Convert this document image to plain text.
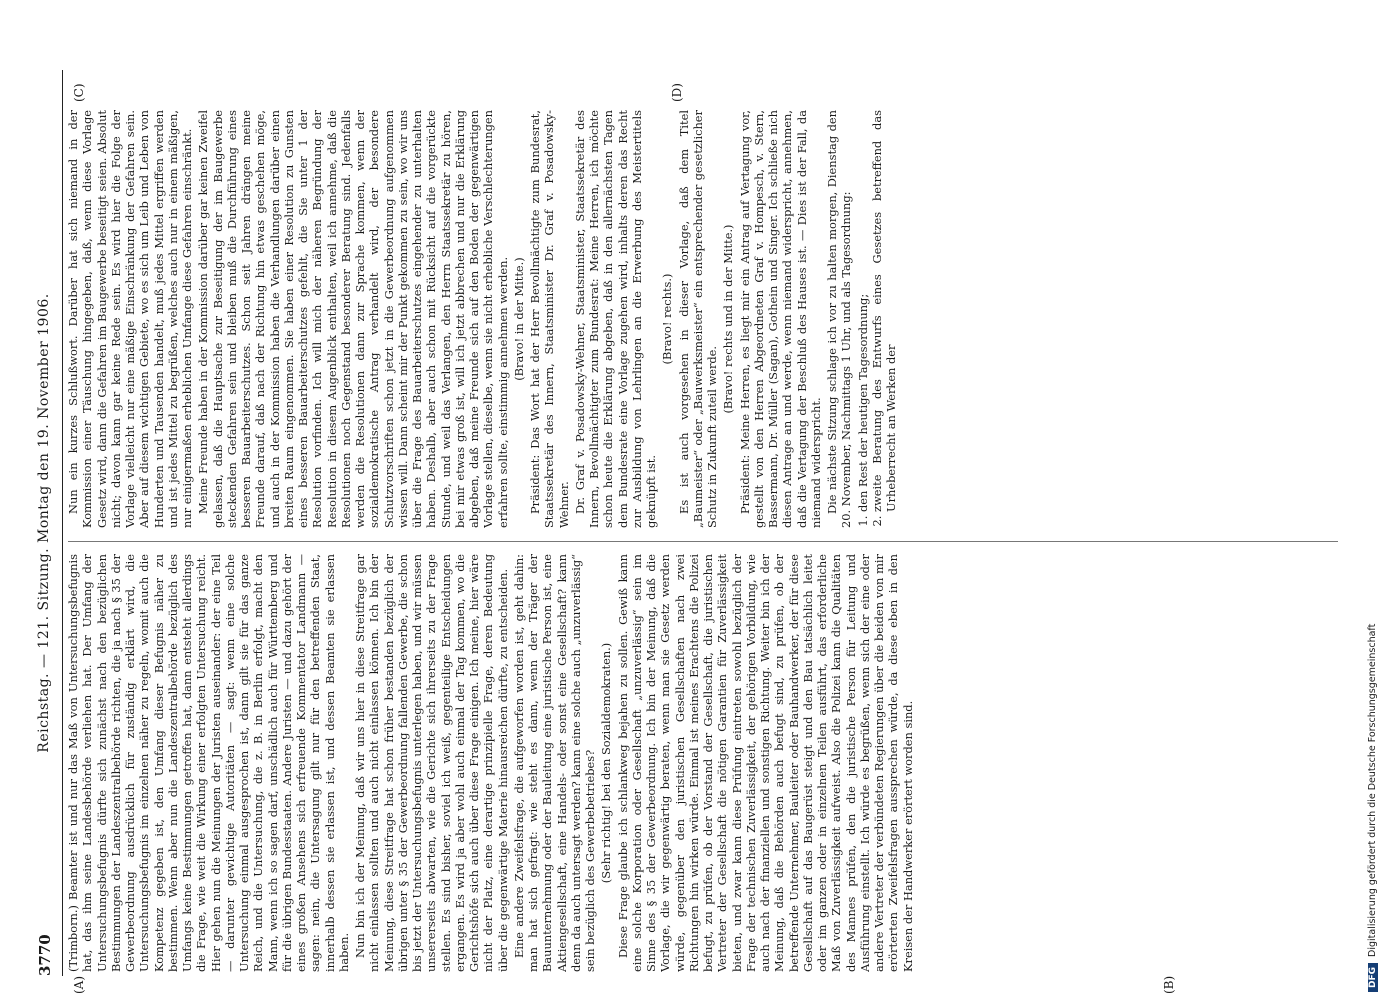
3770
Reichstag. — 121. Sitzung. Montag den 19. November 1906.
(A)	(B)
(C)	(D)

(Trimborn.) Beamter ist und nur das Maß von Untersuchungsbefugnis hat, das ihm seine Landesbehörde verliehen hat. Der Umfang der Untersuchungsbefugnis dürfte sich zunächst nach den bezüglichen Bestimmungen der Landeszentralbehörde richten, die ja nach § 35 der Gewerbeordnung ausdrücklich für zuständig erklärt wird, die Untersuchungsbefugnis im einzelnen näher zu regeln, womit auch die Kompetenz gegeben ist, den Umfang dieser Befugnis näher zu bestimmen. Wenn aber nun die Landeszentralbehörde bezüglich des Umfangs keine Bestimmungen getroffen hat, dann entsteht allerdings die Frage, wie weit die Wirkung einer erfolgten Untersuchung reicht. Hier gehen nun die Meinungen der Juristen auseinander: der eine Teil — darunter gewichtige Autoritäten — sagt: wenn eine solche Untersuchung einmal ausgesprochen ist, dann gilt sie für das ganze Reich, und die Untersuchung, die z. B. in Berlin erfolgt, macht den Mann, wenn ich so sagen darf, unschädlich auch für Württemberg und für die übrigen Bundesstaaten. Andere Juristen — und dazu gehört der eines großen Ansehens sich erfreuende Kommentator Landmann — sagen: nein, die Untersagung gilt nur für den betreffenden Staat, innerhalb dessen sie erlassen ist, und dessen Beamten sie erlassen haben. Nun bin ich der Meinung, daß wir uns hier in diese Streitfrage gar nicht einlassen sollten und auch nicht einlassen können. Ich bin der Meinung, diese Streitfrage hat schon früher bestanden bezüglich der übrigen unter § 35 der Gewerbeordnung fallenden Gewerbe, die schon bis jetzt der Untersuchungsbefugnis unterlegen haben, und wir müssen unsererseits abwarten, wie die Gerichte sich ihrerseits zu der Frage stellen. Es sind bisher, soviel ich weiß, gegenteilige Entscheidungen ergangen. Es wird ja aber wohl auch einmal der Tag kommen, wo die Gerichtshöfe sich auch über diese Frage einigen. Ich meine, hier wäre nicht der Platz, eine derartige prinzipielle Frage, deren Bedeutung über die gegenwärtige Materie hinausreichen dürfte, zu entscheiden. Eine andere Zweifelsfrage, die aufgeworfen worden ist, geht dahin: man hat sich gefragt: wie steht es dann, wenn der Träger der Bauunternehmung oder der Bauleitung eine juristische Person ist, eine Aktiengesellschaft, eine Handels- oder sonst eine Gesellschaft? kann denn da auch untersagt werden? kann eine solche auch „unzuverlässig“ sein bezüglich des Gewerbebetriebes? (Sehr richtig! bei den Sozialdemokraten.) Diese Frage glaube ich schlankweg bejahen zu sollen. Gewiß kann eine solche Korporation oder Gesellschaft „unzuverlässig“ sein im Sinne des § 35 der Gewerbeordnung. Ich bin der Meinung, daß die Vorlage, die wir gegenwärtig beraten, wenn man sie Gesetz werden würde, gegenüber den juristischen Gesellschaften nach zwei Richtungen hin wirken würde. Einmal ist meines Erachtens die Polizei befugt, zu prüfen, ob der Vorstand der Gesellschaft, die juristischen Vertreter der Gesellschaft die nötigen Garantien für Zuverlässigkeit bieten, und zwar kann diese Prüfung eintreten sowohl bezüglich der Frage der technischen Zuverlässigkeit, der gehörigen Vorbildung, wie auch nach der finanziellen und sonstigen Richtung. Weiter bin ich der Meinung, daß die Behörden auch befugt sind, zu prüfen, ob der betreffende Unternehmer, Bauleiter oder Bauhandwerker, der für diese Gesellschaft auf das Baugerüst steigt und den Bau tatsächlich leitet oder im ganzen oder in einzelnen Teilen ausführt, das erforderliche Maß von Zuverlässigkeit aufweist. Also die Polizei kann die Qualitäten des Mannes prüfen, den die juristische Person für Leitung und Ausführung einstellt. Ich würde es begrüßen, wenn sich der eine oder andere Vertreter der verbündeten Regierungen über die beiden von mir erörterten Zweifelsfragen aussprechen würde, da diese eben in den Kreisen der Handwerker erörtert worden sind.

Nun ein kurzes Schlußwort. Darüber hat sich niemand in der Kommission einer Täuschung hingegeben, daß, wenn diese Vorlage Gesetz wird, dann die Gefahren im Baugewerbe beseitigt seien. Absolut nicht; davon kann gar keine Rede sein. Es wird hier die Folge der Vorlage vielleicht nur eine mäßige Einschränkung der Gefahren sein. Aber auf diesem wichtigen Gebiete, wo es sich um Leib und Leben von Hunderten und Tausenden handelt, muß jedes Mittel ergriffen werden und ist jedes Mittel zu begrüßen, welches auch nur in einem mäßigen, nur einigermaßen erheblichen Umfange diese Gefahren einschränkt. Meine Freunde haben in der Kommission darüber gar keinen Zweifel gelassen, daß die Hauptsache zur Beseitigung der im Baugewerbe steckenden Gefahren sein und bleiben muß die Durchführung eines besseren Bauarbeiterschutzes. Schon seit Jahren drängen meine Freunde darauf, daß nach der Richtung hin etwas geschehen möge, und auch in der Kommission haben die Verhandlungen darüber einen breiten Raum eingenommen. Sie haben einer Resolution zu Gunsten eines besseren Bauarbeiterschutzes gefehlt, die Sie unter 1 der Resolution vorfinden. Ich will mich der näheren Begründung der Resolution in diesem Augenblick enthalten, weil ich annehme, daß die Resolutionen noch Gegenstand besonderer Beratung sind. Jedenfalls werden die Resolutionen dann zur Sprache kommen, wenn der sozialdemokratische Antrag verhandelt wird, der besondere Schutzvorschriften schon jetzt in die Gewerbeordnung aufgenommen wissen will. Dann scheint mir der Punkt gekommen zu sein, wo wir uns über die Frage des Bauarbeiterschutzes eingehender zu unterhalten haben. Deshalb, aber auch schon mit Rücksicht auf die vorgerückte Stunde, und weil das Verlangen, den Herrn Staatssekretär zu hören, bei mir etwas groß ist, will ich jetzt abbrechen und nur die Erklärung abgeben, daß meine Freunde sich auf den Boden der gegenwärtigen Vorlage stellen, dieselbe, wenn sie nicht erhebliche Verschlechterungen erfahren sollte, einstimmig annehmen werden. (Bravo! in der Mitte.) Präsident: Das Wort hat der Herr Bevollmächtigte zum Bundesrat, Staatssekretär des Innern, Staatsminister Dr. Graf v. Posadowsky-Wehner. Dr. Graf v. Posadowsky-Wehner, Staatsminister, Staatssekretär des Innern, Bevollmächtigter zum Bundesrat: Meine Herren, ich möchte schon heute die Erklärung abgeben, daß in den allernächsten Tagen dem Bundesrate eine Vorlage zugehen wird, inhalts deren das Recht zur Ausbildung von Lehrlingen an die Erwerbung des Meistertitels geknüpft ist.

(Bravo! rechts.) Es ist auch vorgesehen in dieser Vorlage, daß dem Titel „Baumeister“ oder „Bauwerksmeister“ ein entsprechender gesetzlicher Schutz in Zukunft zuteil werde.

(Bravo! rechts und in der Mitte.) Präsident: Meine Herren, es liegt mir ein Antrag auf Vertagung vor, gestellt von den Herren Abgeordneten Graf v. Hompesch, v. Stern, Bassermann, Dr. Müller (Sagan), Gothein und Singer. Ich schließe nich diesen Antrage an und werde, wenn niemand widerspricht, annehmen, daß die Vertagung der Beschluß des Hauses ist. — Dies ist der Fall, da niemand widerspricht. Die nächste Sitzung schlage ich vor zu halten morgen, Dienstag den 20. November, Nachmittags 1 Uhr, und als Tagesordnung: 1. den Rest der heutigen Tagesordnung; 2. zweite Beratung des Entwurfs eines Gesetzes betreffend das Urheberrecht an Werken der
DFGDigitalisierung gefördert durch die Deutsche Forschungsgemeinschaft
